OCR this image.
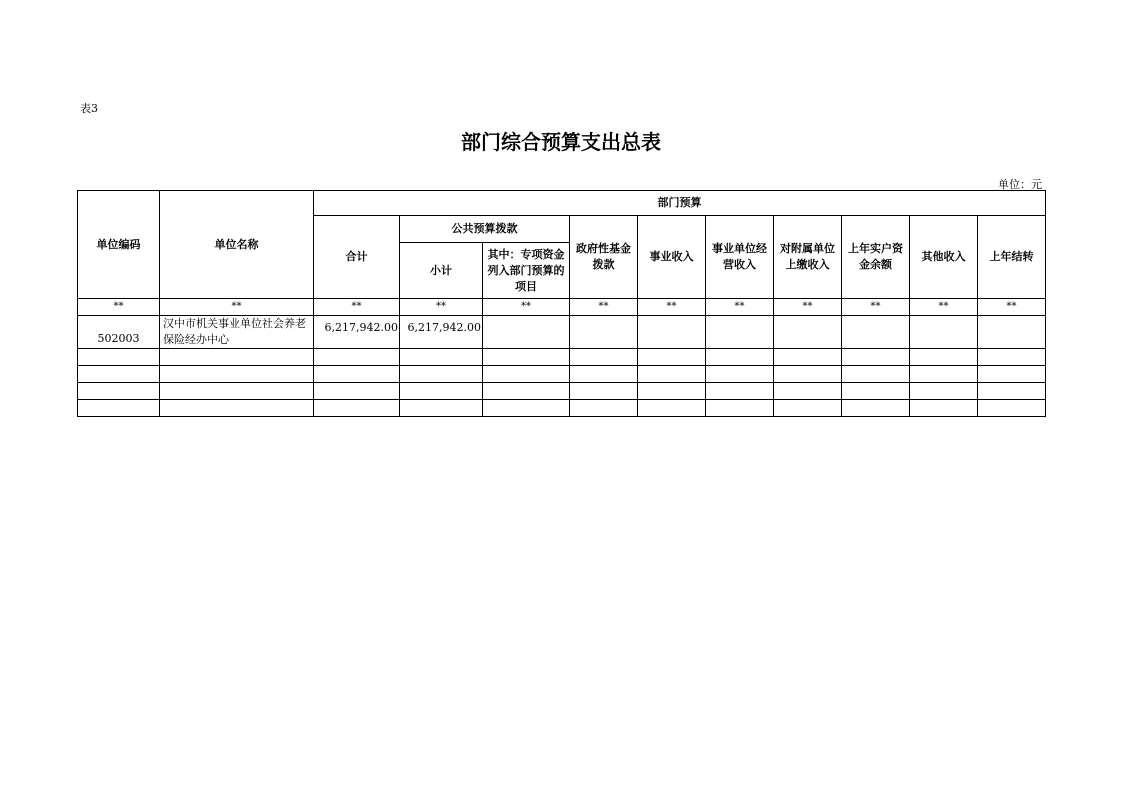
表3
部门综合预算支出总表
单位：元
单位编码	单位名称	部门预算									
		合计	公共预算拨款		政府性基金拨款	事业收入	事业单位经营收入	对附属单位上缴收入	上年实户资金余额	其他收入	上年结转
			小计	其中：专项资金列入部门预算的项目							
**	**	**	**	**	**	**	**	**	**	**	**
502003	汉中市机关事业单位社会养老保险经办中心	6,217,942.00	6,217,942.00								
